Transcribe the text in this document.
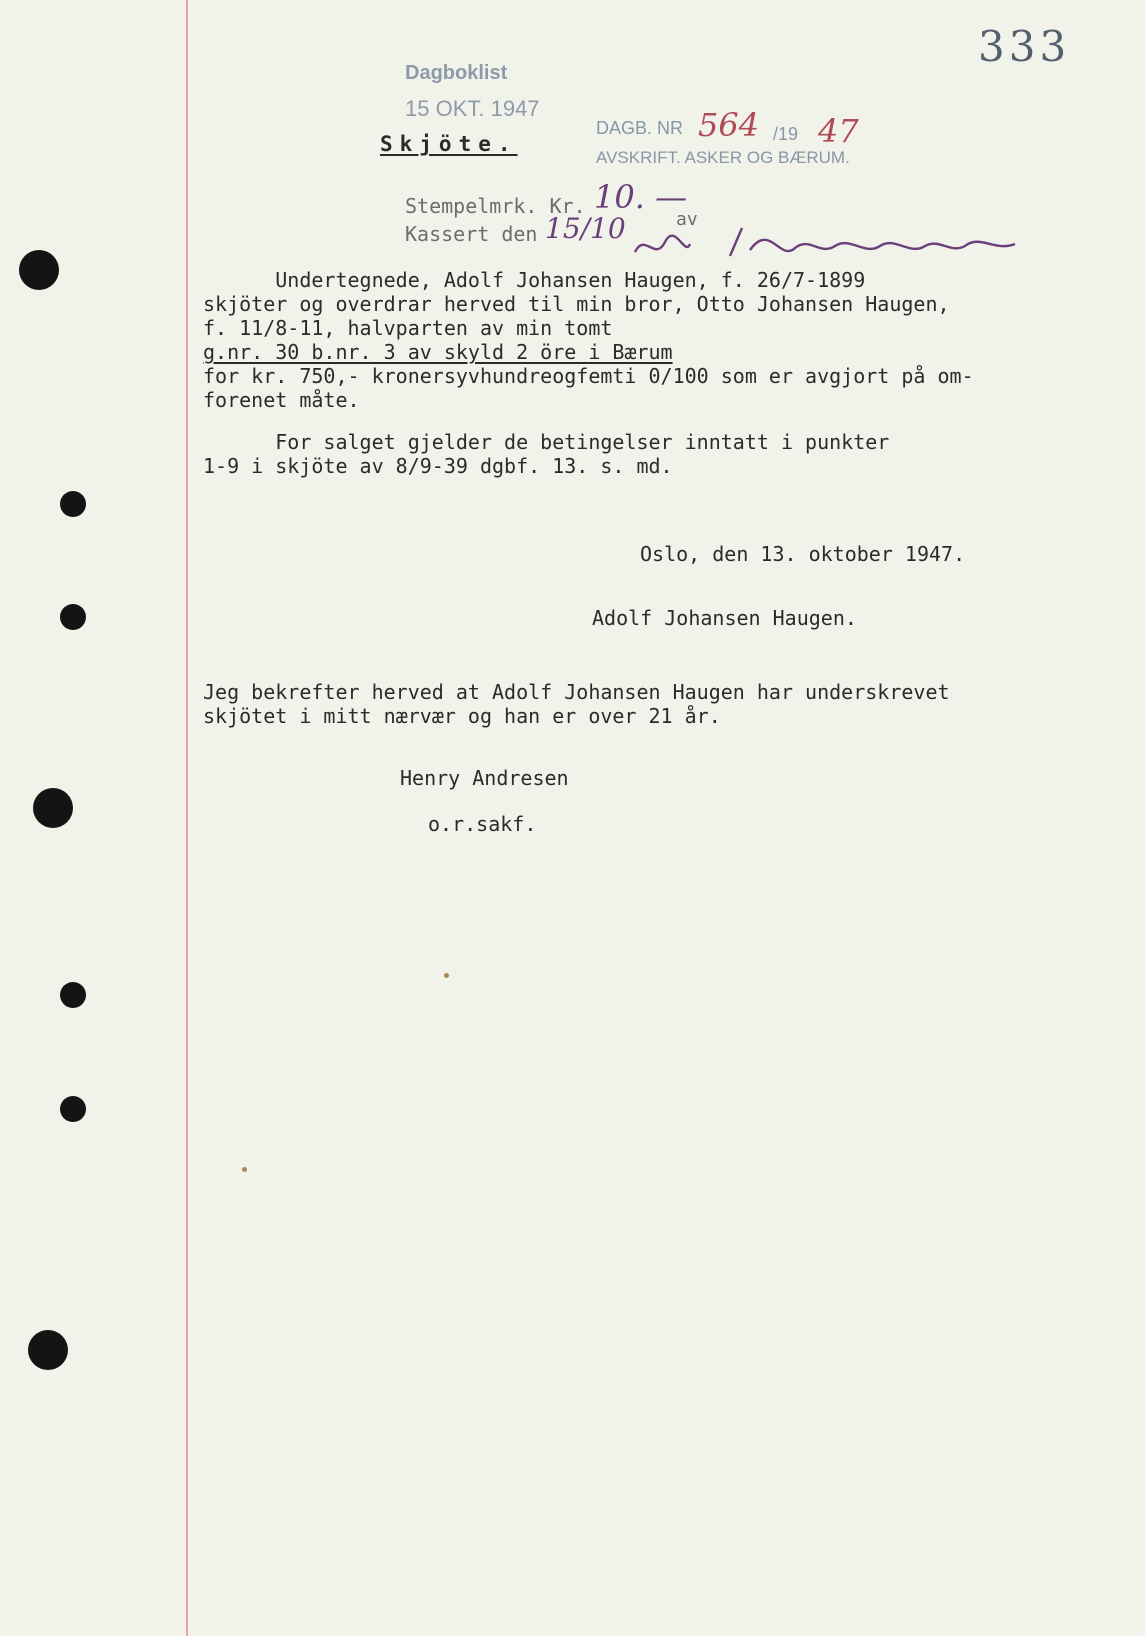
333
Dagboklist
15 OKT. 1947
DAGB. NR 564 /19 47
AVSKRIFT. ASKER OG BÆRUM.
Skjöte.
Stempelmrk. Kr. 10. —
Kassert den 15/10	av
Undertegnede, Adolf Johansen Haugen, f. 26/7-1899
skjöter og overdrar herved til min bror, Otto Johansen Haugen,
f. 11/8-11, halvparten av min tomt
g.nr. 30 b.nr. 3 av skyld 2 öre i Bærum
for kr. 750,- kronersyvhundreogfemti 0/100 som er avgjort på om-
forenet måte.
For salget gjelder de betingelser inntatt i punkter
1-9 i skjöte av 8/9-39 dgbf. 13. s. md.
Oslo, den 13. oktober 1947.
Adolf Johansen Haugen.
Jeg bekrefter herved at Adolf Johansen Haugen har underskrevet
skjötet i mitt nærvær og han er over 21 år.
Henry Andresen
o.r.sakf.
